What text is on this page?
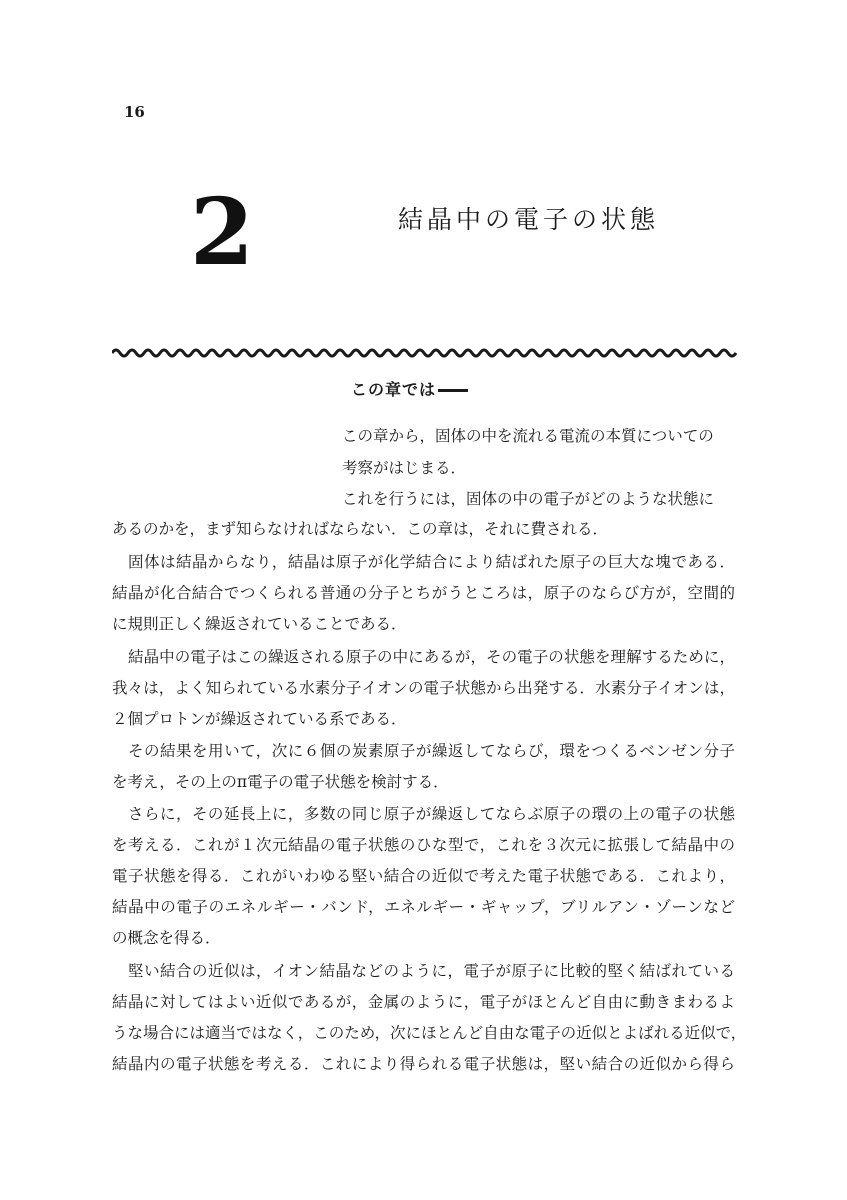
16
2	結晶中の電子の状態
この章では
この章から，固体の中を流れる電流の本質についての
考察がはじまる．
これを行うには，固体の中の電子がどのような状態に
あるのかを，まず知らなければならない．この章は，それに費される．
固体は結晶からなり，結晶は原子が化学結合により結ばれた原子の巨大な塊である．
結晶が化合結合でつくられる普通の分子とちがうところは，原子のならび方が，空間的
に規則正しく繰返されていることである．
結晶中の電子はこの繰返される原子の中にあるが，その電子の状態を理解するために，
我々は，よく知られている水素分子イオンの電子状態から出発する．水素分子イオンは，
２個プロトンが繰返されている系である．
その結果を用いて，次に６個の炭素原子が繰返してならび，環をつくるベンゼン分子
を考え，その上のπ電子の電子状態を検討する．
さらに，その延長上に，多数の同じ原子が繰返してならぶ原子の環の上の電子の状態
を考える．これが１次元結晶の電子状態のひな型で，これを３次元に拡張して結晶中の
電子状態を得る．これがいわゆる堅い結合の近似で考えた電子状態である．これより，
結晶中の電子のエネルギー・バンド，エネルギー・ギャップ，ブリルアン・ゾーンなど
の概念を得る．
堅い結合の近似は，イオン結晶などのように，電子が原子に比較的堅く結ばれている
結晶に対してはよい近似であるが，金属のように，電子がほとんど自由に動きまわるよ
うな場合には適当ではなく，このため，次にほとんど自由な電子の近似とよばれる近似で，
結晶内の電子状態を考える．これにより得られる電子状態は，堅い結合の近似から得ら
